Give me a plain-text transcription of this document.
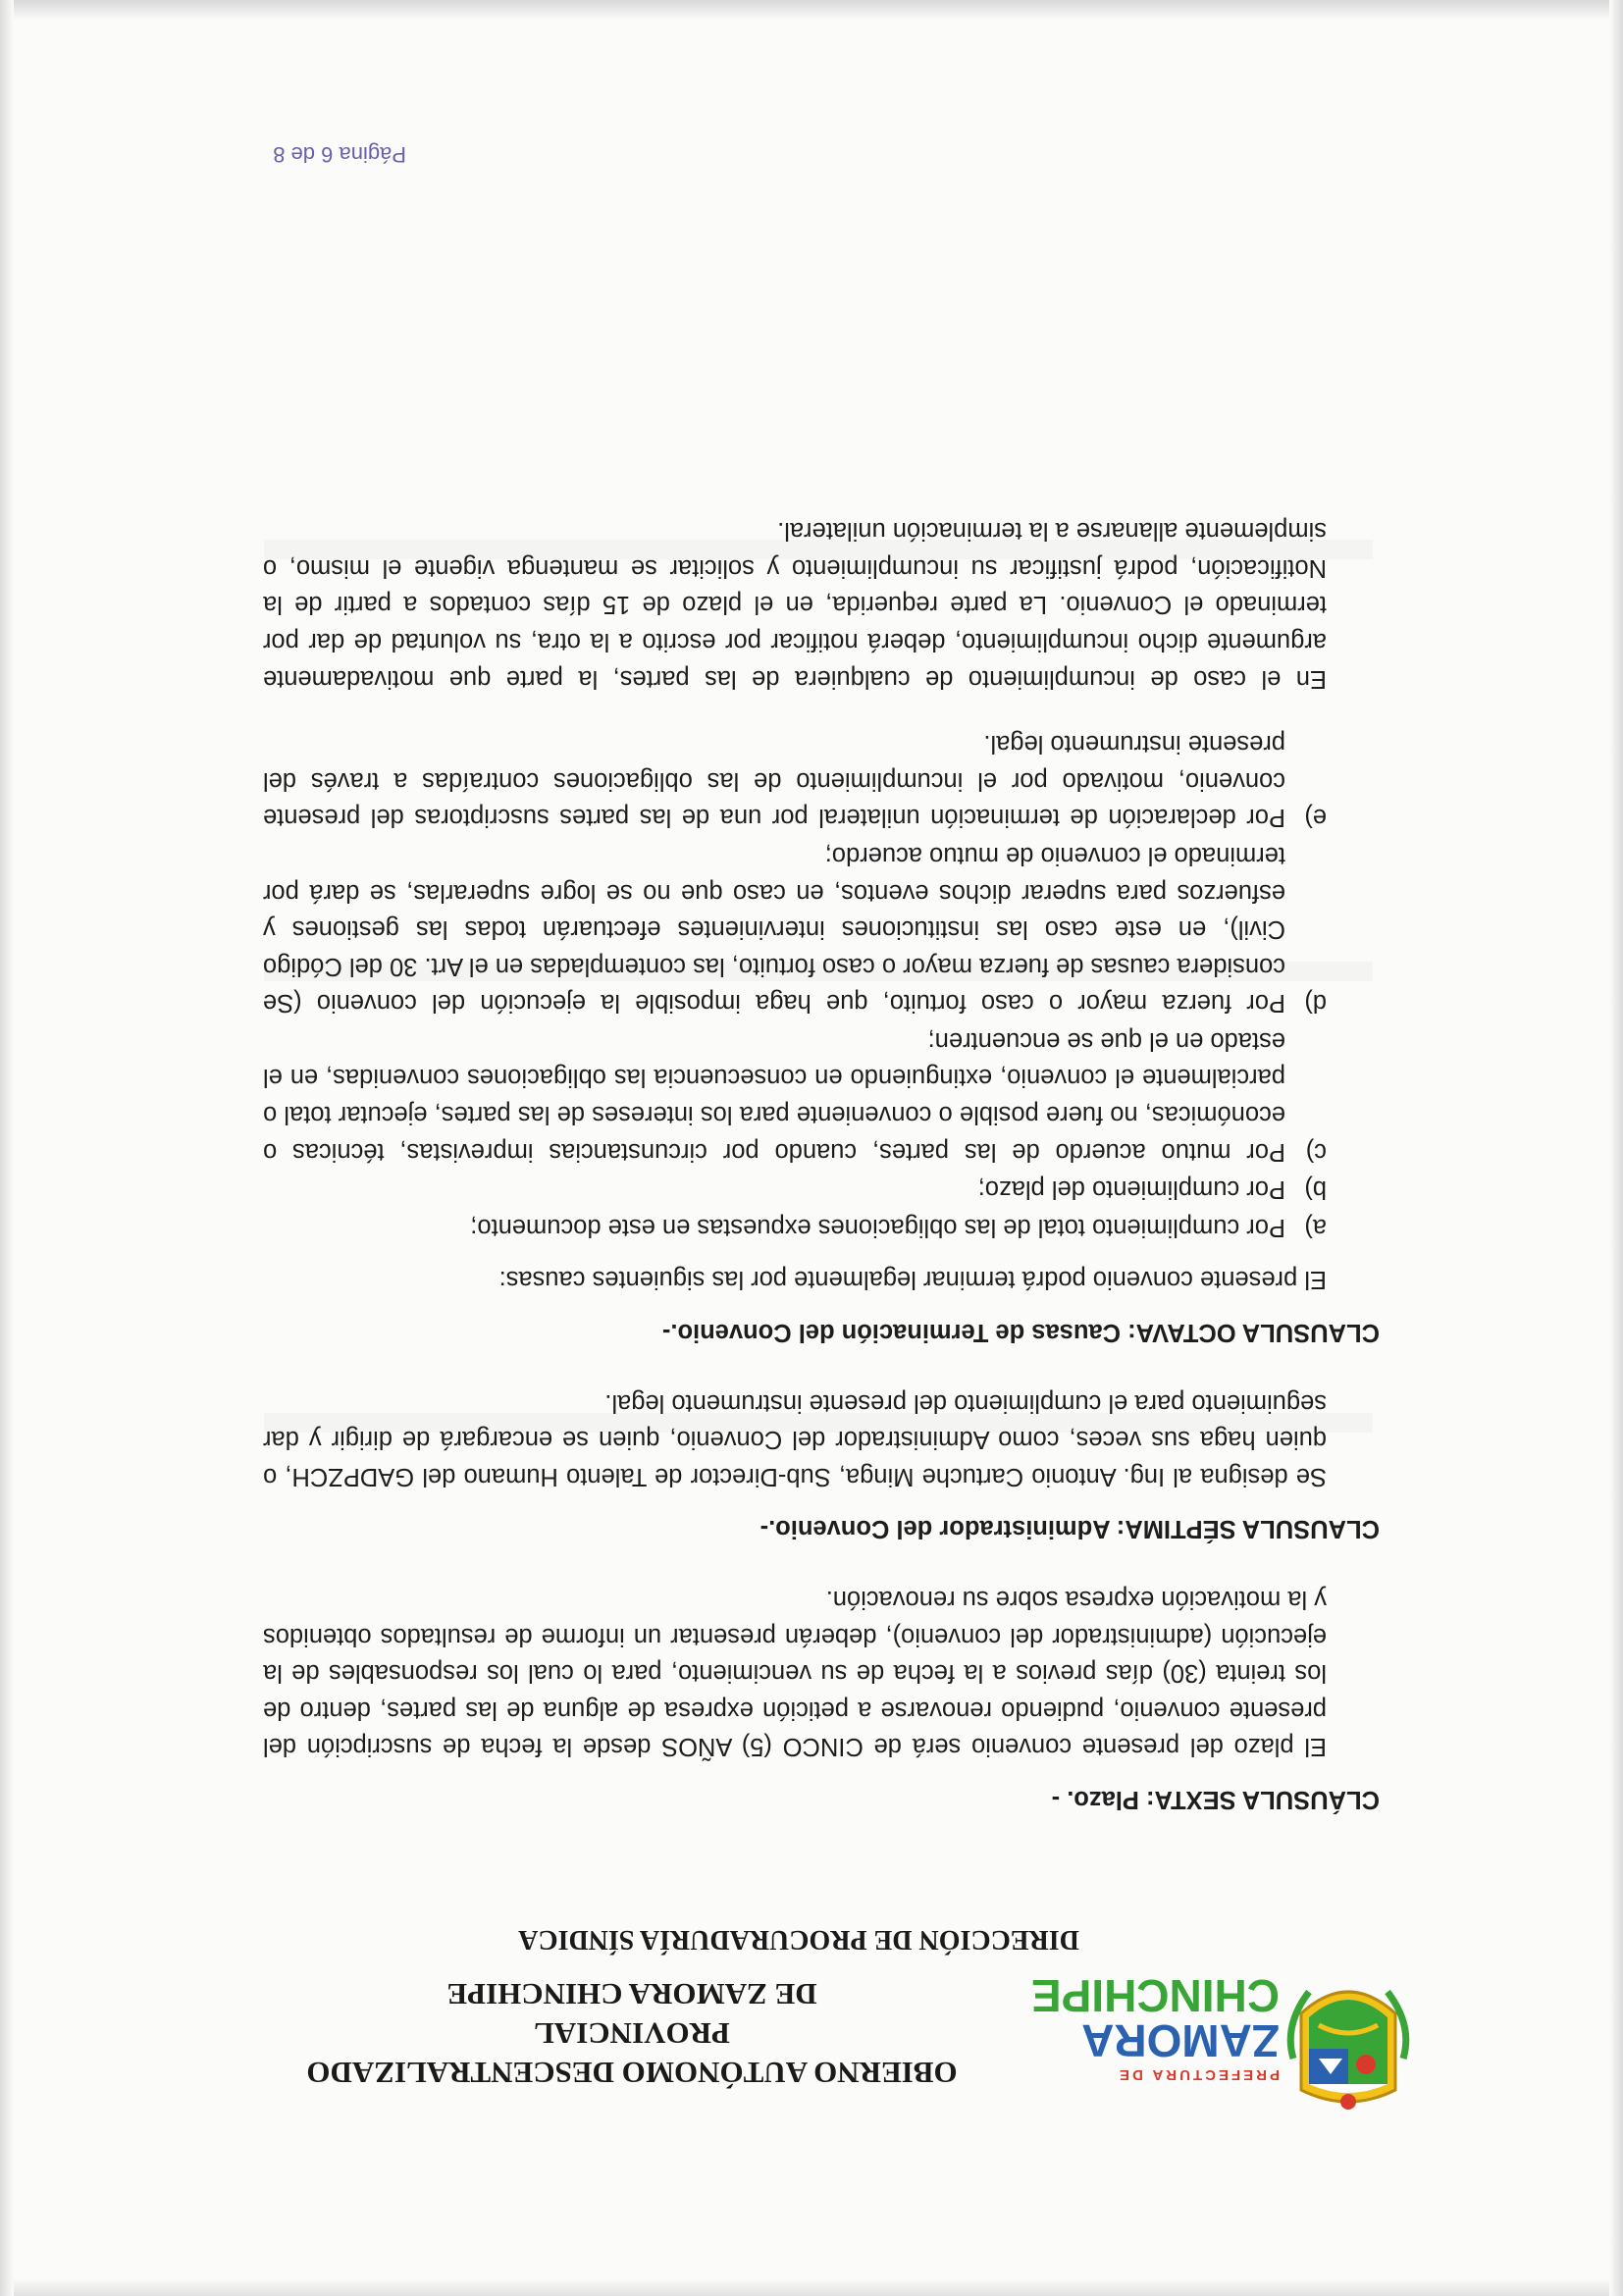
PREFECTURA DE
ZAMORA
CHINCHIPE
OBIERNO AUTÓNOMO DESCENTRALIZADO PROVINCIAL
DE ZAMORA CHINCHIPE
DIRECCIÓN DE PROCURADURÍA SÍNDICA
CLÁUSULA SEXTA: Plazo. -

El plazo del presente convenio será de CINCO (5) AÑOS desde la fecha de suscripción del presente convenio, pudiendo renovarse a petición expresa de alguna de las partes, dentro de los treinta (30) días previos a la fecha de su vencimiento, para lo cual los responsables de la ejecución (administrador del convenio), deberán presentar un informe de resultados obtenidos y la motivación expresa sobre su renovación.

CLAUSULA SÉPTIMA: Administrador del Convenio.-

Se designa al Ing. Antonio Cartuche Minga, Sub-Director de Talento Humano del GADPZCH, o quien haga sus veces, como Administrador del Convenio, quien se encargará de dirigir y dar seguimiento para el cumplimiento del presente instrumento legal.

CLAUSULA OCTAVA: Causas de Terminación del Convenio.-

El presente convenio podrá terminar legalmente por las siguientes causas:

a)
Por cumplimiento total de las obligaciones expuestas en este documento;
b)
Por cumplimiento del plazo;
c)
Por mutuo acuerdo de las partes, cuando por circunstancias imprevistas, técnicas o económicas, no fuere posible o conveniente para los intereses de las partes, ejecutar total o parcialmente el convenio, extinguiendo en consecuencia las obligaciones convenidas, en el estado en el que se encuentren;
d)
Por fuerza mayor o caso fortuito, que haga imposible la ejecución del convenio (Se considera causas de fuerza mayor o caso fortuito, las contempladas en el Art. 30 del Código Civil), en este caso las instituciones intervinientes efectuarán todas las gestiones y esfuerzos para superar dichos eventos, en caso que no se logre superarlas, se dará por terminado el convenio de mutuo acuerdo;
e)
Por declaración de terminación unilateral por una de las partes suscriptoras del presente convenio, motivado por el incumplimiento de las obligaciones contraídas a través del presente instrumento legal.

En el caso de incumplimiento de cualquiera de las partes, la parte que motivadamente argumente dicho incumplimiento, deberá notificar por escrito a la otra, su voluntad de dar por terminado el Convenio. La parte requerida, en el plazo de 15 días contados a partir de la Notificación, podrá justificar su incumplimiento y solicitar se mantenga vigente el mismo, o simplemente allanarse a la terminación unilateral.

Página 6 de 8
